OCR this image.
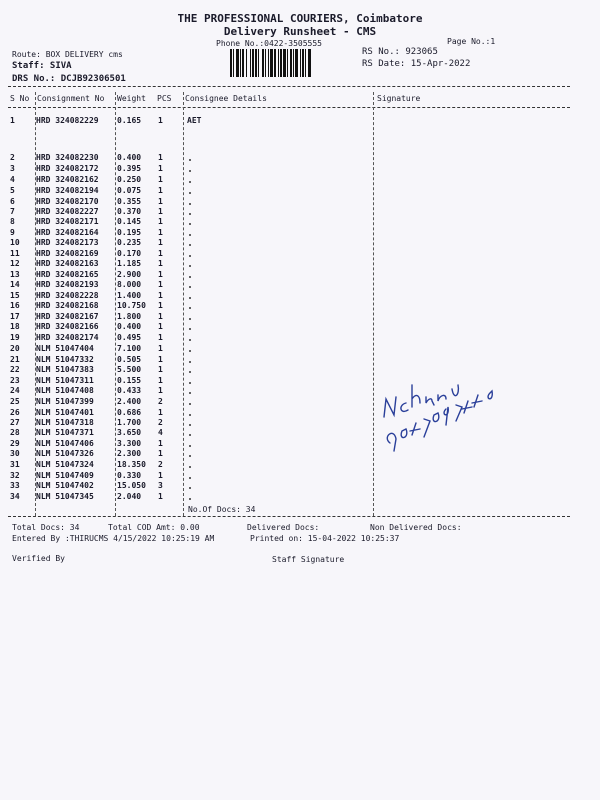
THE PROFESSIONAL COURIERS, Coimbatore
Delivery Runsheet - CMS
Phone No.:0422-3505555	Page No.:1
Route: BOX DELIVERY cms
Staff: SIVA
DRS No.: DCJB92306501
RS No.: 923065
RS Date: 15-Apr-2022
S No Consignment No Weight PCS Consignee Details	Signature
1	HRD 324082229 0.165 1	AET
2	HRD 324082230 0.400 1
3	HRD 324082172 0.395 1
4	HRD 324082162 0.250 1
5	HRD 324082194 0.075 1
6	HRD 324082170 0.355 1
7	HRD 324082227 0.370 1
8	HRD 324082171 0.145 1
9	HRD 324082164 0.195 1
10 HRD 324082173 0.235 1
11 HRD 324082169 0.170 1
12 HRD 324082163 1.185 1
13 HRD 324082165 2.900 1
14 HRD 324082193 8.000 1
15 HRD 324082228 1.400 1
16 HRD 324082168 10.750 1
17 HRD 324082167 1.800 1
18 HRD 324082166 0.400 1
19 HRD 324082174 0.495 1
20 NLM 51047404	7.100 1
21 NLM 51047332	0.505 1
22 NLM 51047383	5.500 1
23 NLM 51047311	0.155 1
24 NLM 51047408	0.433 1
25 NLM 51047399	2.400 2
26 NLM 51047401	0.686 1
27 NLM 51047318	1.700 2
28 NLM 51047371	3.650 4
29 NLM 51047406	3.300 1
30 NLM 51047326	2.300 1
31 NLM 51047324	18.350 2
32 NLM 51047409	0.330 1
33 NLM 51047402	15.050 3
34 NLM 51047345	2.040 1
No.Of Docs: 34
Total Docs: 34	Total COD Amt: 0.00	Delivered Docs:	Non Delivered Docs:
Entered By :THIRUCMS 4/15/2022 10:25:19 AM	Printed on: 15-04-2022 10:25:37
Verified By	Staff Signature
